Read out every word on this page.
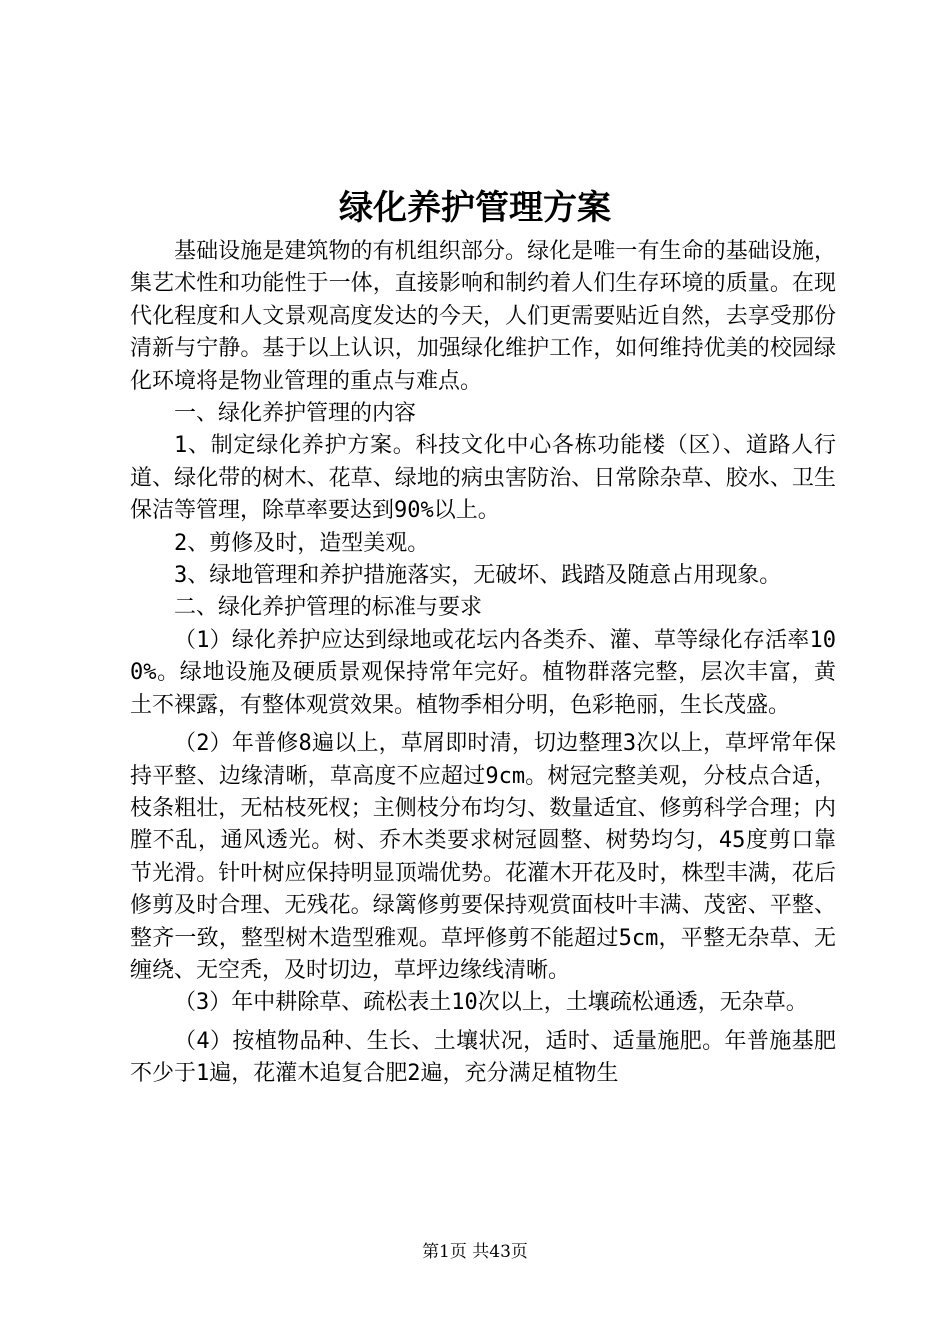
绿化养护管理方案

基础设施是建筑物的有机组织部分。绿化是唯一有生命的基础设施，集艺术性和功能性于一体，直接影响和制约着人们生存环境的质量。在现代化程度和人文景观高度发达的今天，人们更需要贴近自然，去享受那份清新与宁静。基于以上认识，加强绿化维护工作，如何维持优美的校园绿化环境将是物业管理的重点与难点。

一、绿化养护管理的内容

1、制定绿化养护方案。科技文化中心各栋功能楼（区）、道路人行道、绿化带的树木、花草、绿地的病虫害防治、日常除杂草、胶水、卫生保洁等管理，除草率要达到90%以上。

2、剪修及时，造型美观。

3、绿地管理和养护措施落实，无破坏、践踏及随意占用现象。

二、绿化养护管理的标准与要求

（1）绿化养护应达到绿地或花坛内各类乔、灌、草等绿化存活率100%。绿地设施及硬质景观保持常年完好。植物群落完整，层次丰富，黄土不裸露，有整体观赏效果。植物季相分明，色彩艳丽，生长茂盛。

（2）年普修8遍以上，草屑即时清，切边整理3次以上，草坪常年保持平整、边缘清晰，草高度不应超过9cm。树冠完整美观，分枝点合适，枝条粗壮，无枯枝死杈；主侧枝分布均匀、数量适宜、修剪科学合理；内膛不乱，通风透光。树、乔木类要求树冠圆整、树势均匀，45度剪口靠节光滑。针叶树应保持明显顶端优势。花灌木开花及时，株型丰满，花后修剪及时合理、无残花。绿篱修剪要保持观赏面枝叶丰满、茂密、平整、整齐一致，整型树木造型雅观。草坪修剪不能超过5cm，平整无杂草、无缠绕、无空秃，及时切边，草坪边缘线清晰。

（3）年中耕除草、疏松表土10次以上，土壤疏松通透，无杂草。

（4）按植物品种、生长、土壤状况，适时、适量施肥。年普施基肥不少于1遍，花灌木追复合肥2遍，充分满足植物生

第1页 共43页
